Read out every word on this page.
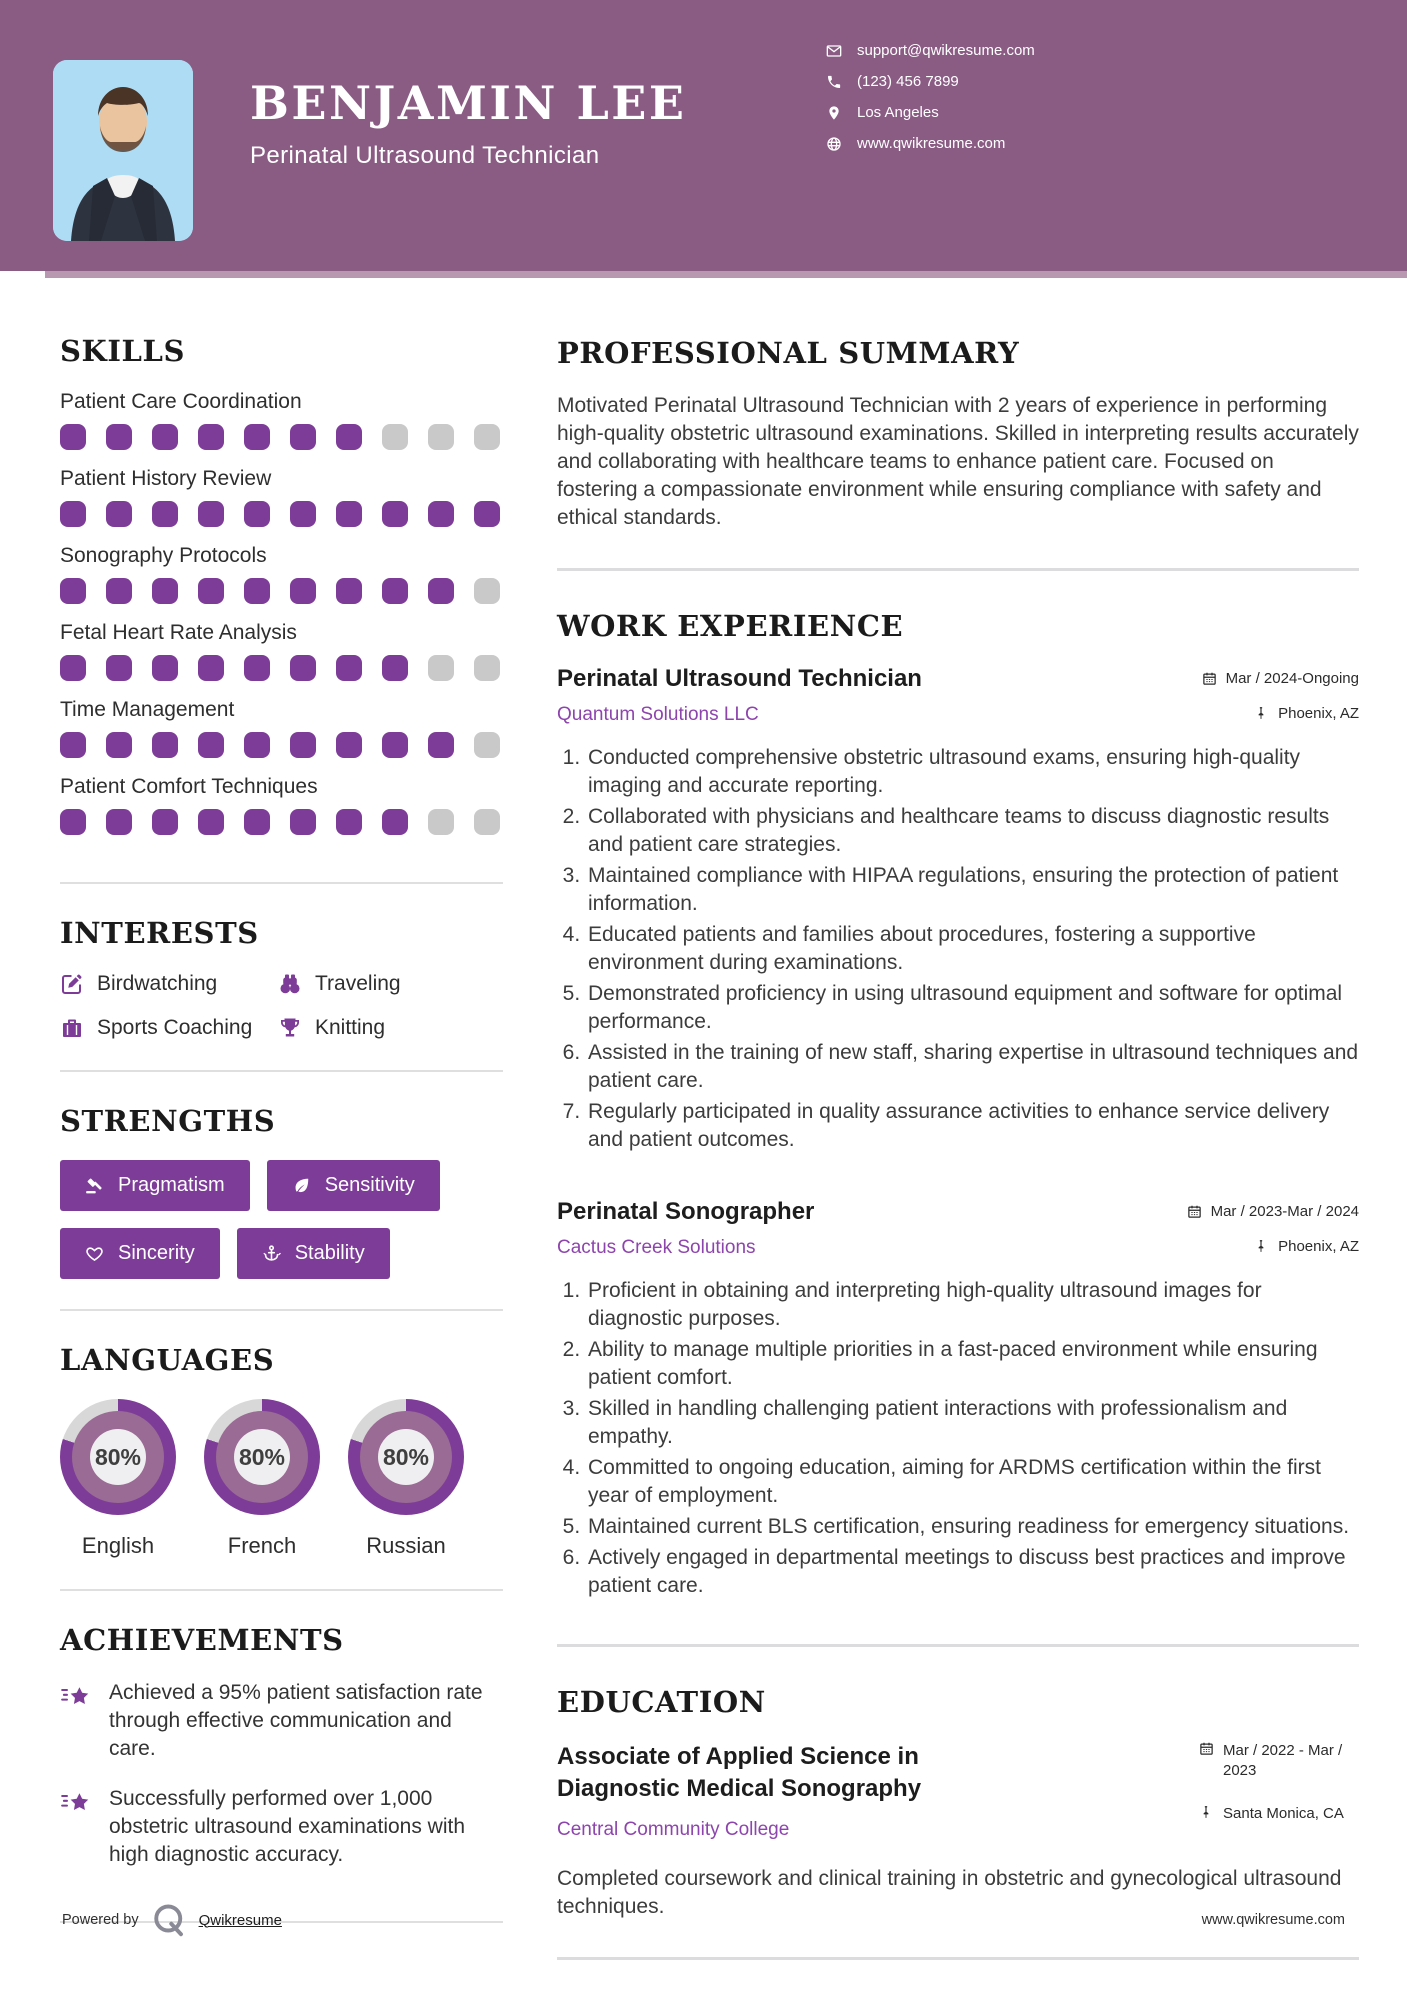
BENJAMIN LEE
Perinatal Ultrasound Technician
support@qwikresume.com
(123) 456 7899
Los Angeles
www.qwikresume.com
SKILLS
Patient Care Coordination
Patient History Review
Sonography Protocols
Fetal Heart Rate Analysis
Time Management
Patient Comfort Techniques
INTERESTS
Birdwatching	Traveling
Sports Coaching	Knitting
STRENGTHS
Pragmatism	Sensitivity
Sincerity	Stability
LANGUAGES
80%
English
80%
French
80%
Russian
ACHIEVEMENTS
Achieved a 95% patient satisfaction rate through effective communication and care.
Successfully performed over 1,000 obstetric ultrasound examinations with high diagnostic accuracy.
PROFESSIONAL SUMMARY

Motivated Perinatal Ultrasound Technician with 2 years of experience in performing high-quality obstetric ultrasound examinations. Skilled in interpreting results accurately and collaborating with healthcare teams to enhance patient care. Focused on fostering a compassionate environment while ensuring compliance with safety and ethical standards.

WORK EXPERIENCE
Perinatal Ultrasound Technician	Mar / 2024-Ongoing
Quantum Solutions LLC	Phoenix, AZ
1. Conducted comprehensive obstetric ultrasound exams, ensuring high-quality imaging and accurate reporting.
2. Collaborated with physicians and healthcare teams to discuss diagnostic results and patient care strategies.
3. Maintained compliance with HIPAA regulations, ensuring the protection of patient information.
4. Educated patients and families about procedures, fostering a supportive environment during examinations.
5. Demonstrated proficiency in using ultrasound equipment and software for optimal performance.
6. Assisted in the training of new staff, sharing expertise in ultrasound techniques and patient care.
7. Regularly participated in quality assurance activities to enhance service delivery and patient outcomes.
Perinatal Sonographer	Mar / 2023-Mar / 2024
Cactus Creek Solutions	Phoenix, AZ
1. Proficient in obtaining and interpreting high-quality ultrasound images for diagnostic purposes.
2. Ability to manage multiple priorities in a fast-paced environment while ensuring patient comfort.
3. Skilled in handling challenging patient interactions with professionalism and empathy.
4. Committed to ongoing education, aiming for ARDMS certification within the first year of employment.
5. Maintained current BLS certification, ensuring readiness for emergency situations.
6. Actively engaged in departmental meetings to discuss best practices and improve patient care.
EDUCATION
Associate of Applied Science in Diagnostic Medical Sonography
Central Community College
Mar / 2022 - Mar / 2023
Santa Monica, CA

Completed coursework and clinical training in obstetric and gynecological ultrasound techniques.

Powered by	Qwikresume	www.qwikresume.com
